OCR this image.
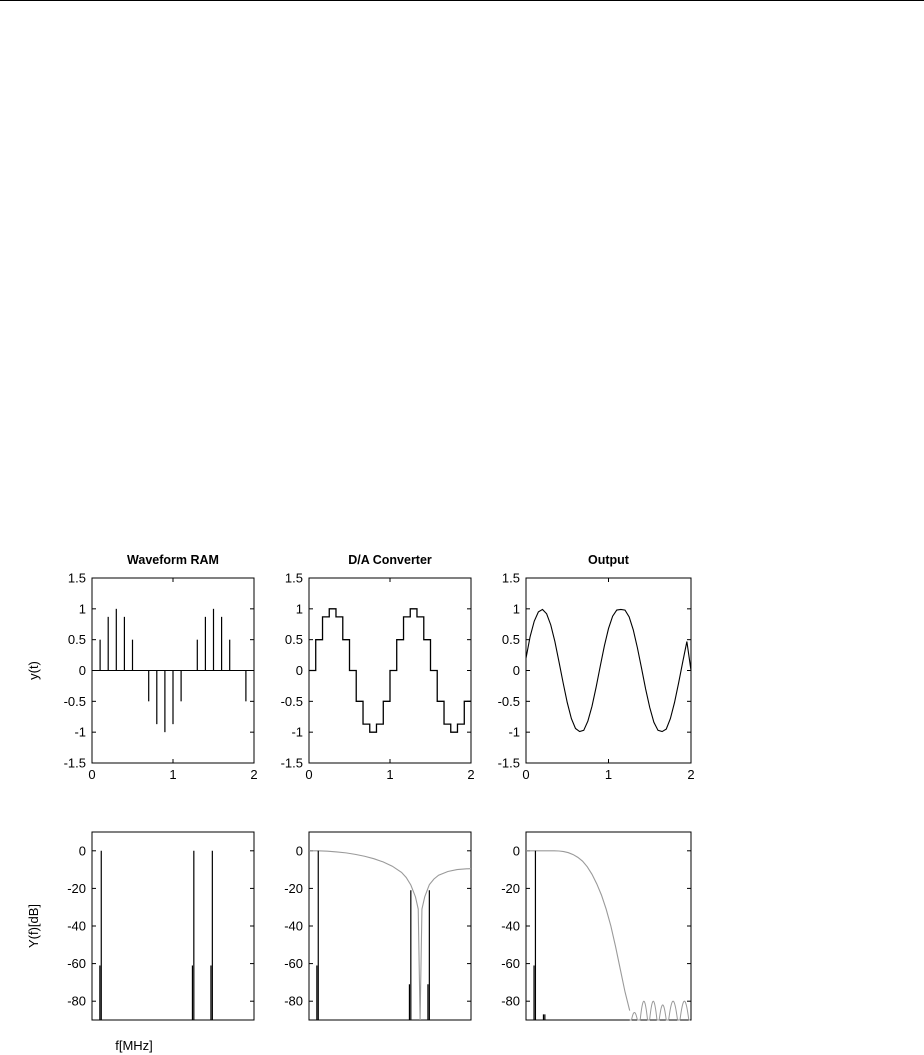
-1.5
-1
-0.5
0
0.5
1
1.5
0	1	2
Waveform RAM
y(t)
-1.5
-1
-0.5
0
0.5
1
1.5
0	1	2
D/A Converter
-1.5
-1
-0.5
0
0.5
1
1.5
0	1	2
Output
-80
-60
-40
-20
0
Y(f)[dB]
f[MHz]
-80
-60
-40
-20
0
-80
-60
-40
-20
0
